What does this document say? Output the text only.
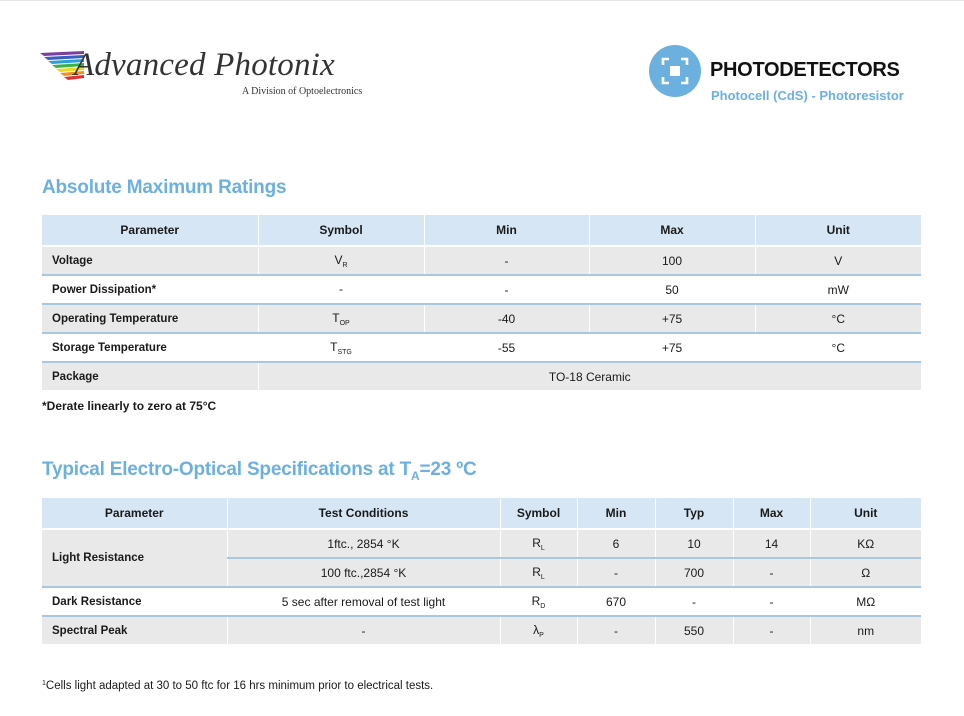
Advanced Photonix
A Division of Optoelectronics
PHOTODETECTORS
Photocell (CdS) - Photoresistor
Absolute Maximum Ratings
Parameter	Symbol	Min	Max	Unit
Voltage	$V_R$	-	100	V
Power Dissipation*	-	-	50	mW
Operating Temperature	$T_{OP}$	-40	+75	°C
Storage Temperature	$T_{STG}$	-55	+75	°C
Package	TO-18 Ceramic			
*Derate linearly to zero at 75°C
Typical Electro-Optical Specifications at $T_A=23$ ºC
Parameter	Test Conditions	Symbol	Min	Typ	Max	Unit
Light Resistance	1ftc., 2854 °K	$R_L$	6	10	14	KΩ
	100 ftc.,2854 °K	$R_L$	-	700	-	Ω
Dark Resistance	5 sec after removal of test light	$R_D$	670	-	-	MΩ
Spectral Peak	-	$\lambda_P$	-	550	-	nm
$^1$Cells light adapted at 30 to 50 ftc for 16 hrs minimum prior to electrical tests.
